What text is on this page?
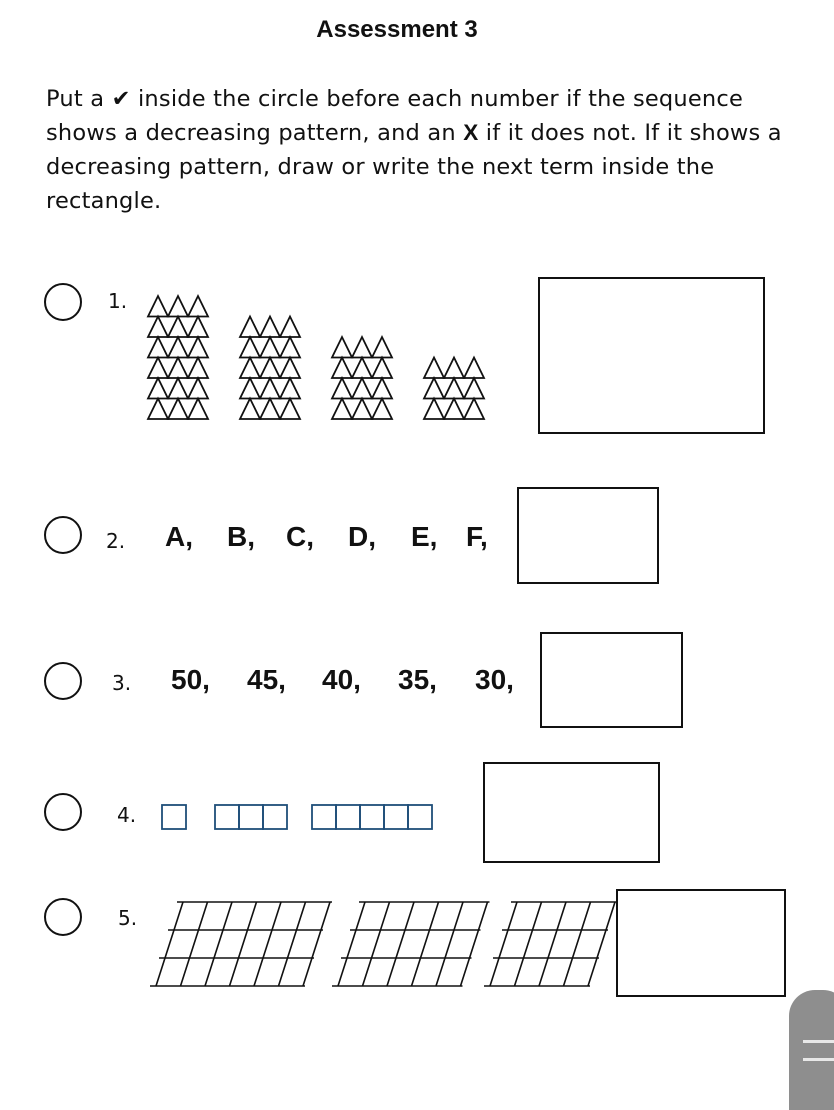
Assessment 3
Put a ✔ inside the circle before each number if the sequence shows a decreasing pattern, and an X if it does not. If it shows a decreasing pattern, draw or write the next term inside the rectangle.
1.
2. A, B, C, D, E, F,
3. 50, 45, 40, 35, 30,
4.
5.
